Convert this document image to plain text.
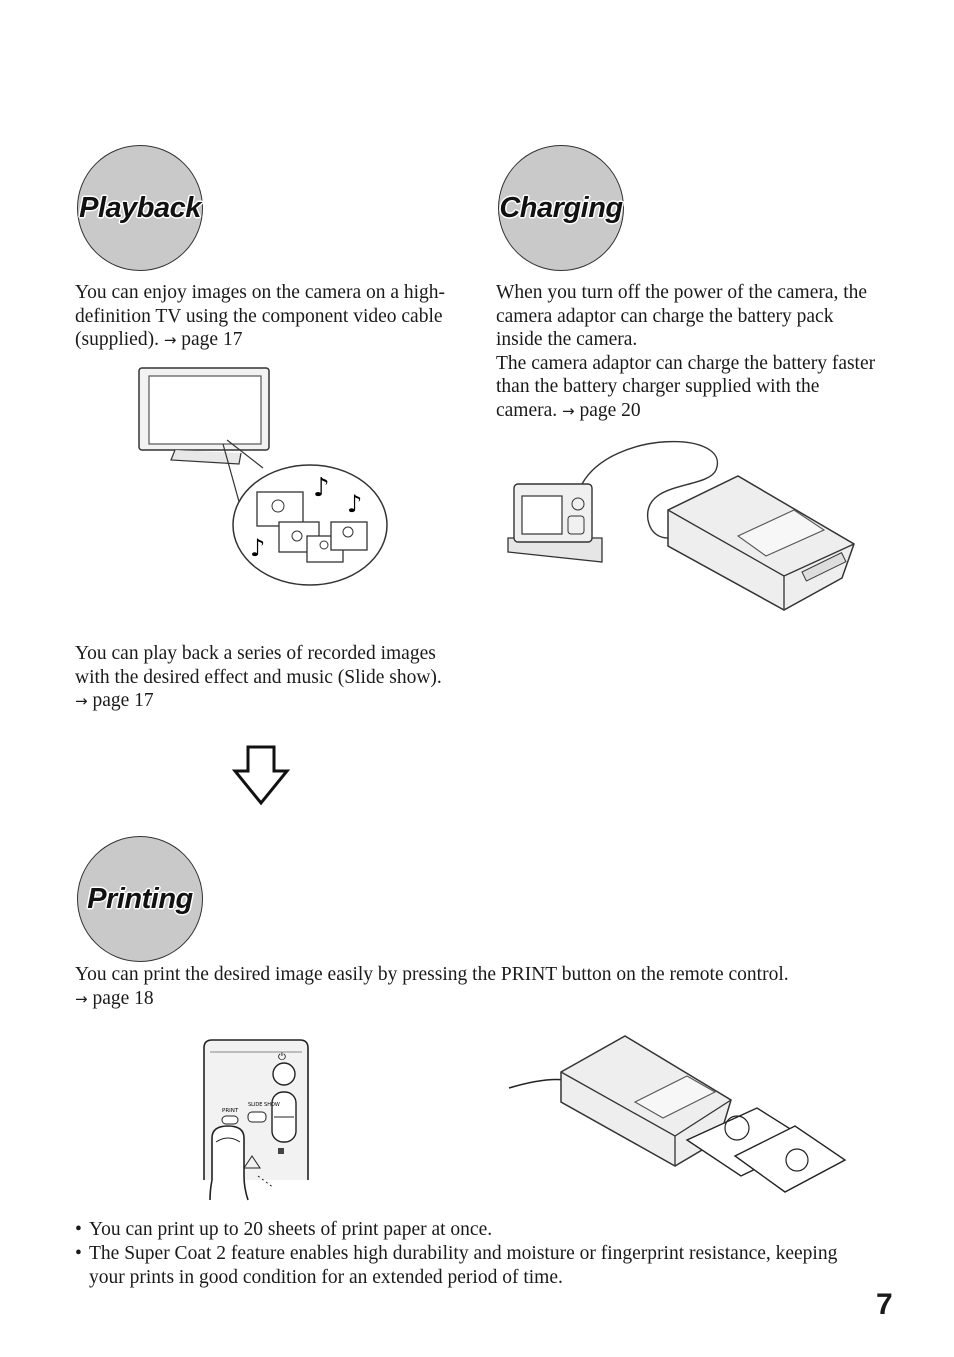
Playback
You can enjoy images on the camera on a high-definition TV using the component video cable (supplied). → page 17
♪
♪
♪
You can play back a series of recorded images with the desired effect and music (Slide show). → page 17
Charging

When you turn off the power of the camera, the camera adaptor can charge the battery pack inside the camera.

The camera adaptor can charge the battery faster than the battery charger supplied with the camera. → page 20

Printing
You can print the desired image easily by pressing the PRINT button on the remote control.
→ page 18
⏻
PRINT
SLIDE SHOW
• You can print up to 20 sheets of print paper at once.
• The Super Coat 2 feature enables high durability and moisture or fingerprint resistance, keeping your prints in good condition for an extended period of time.
7
